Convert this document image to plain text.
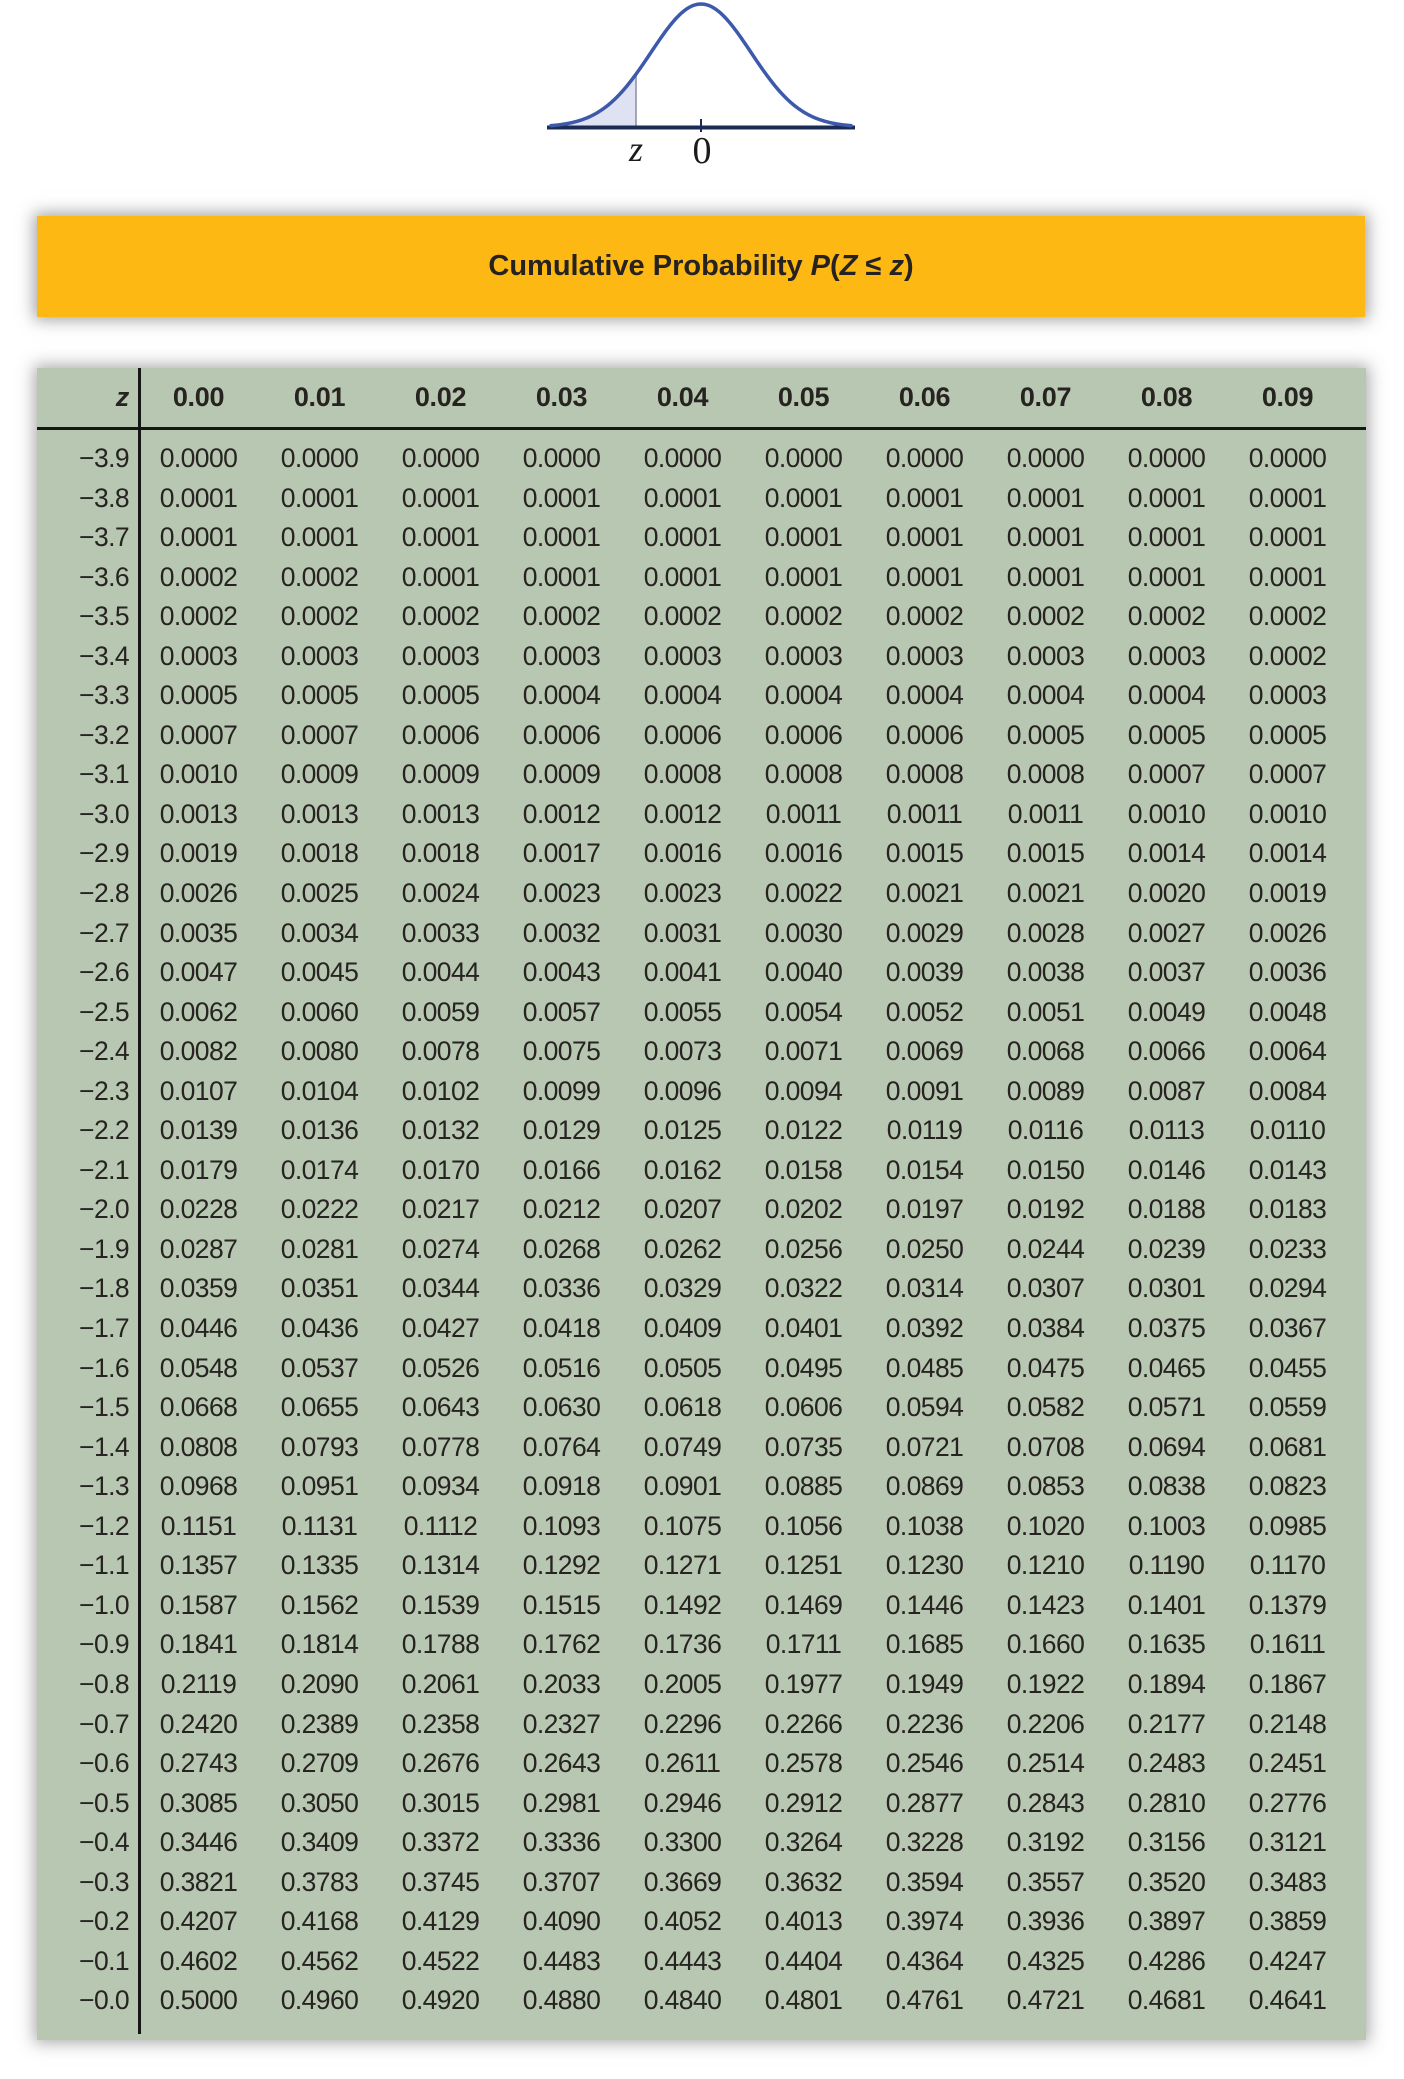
z 0
Cumulative Probability P ( Z ≤ z )
z	0.00	0.01	0.02	0.03	0.04	0.05	0.06	0.07	0.08	0.09
−3.9	0.0000	0.0000	0.0000	0.0000	0.0000	0.0000	0.0000	0.0000	0.0000	0.0000
−3.8	0.0001	0.0001	0.0001	0.0001	0.0001	0.0001	0.0001	0.0001	0.0001	0.0001
−3.7	0.0001	0.0001	0.0001	0.0001	0.0001	0.0001	0.0001	0.0001	0.0001	0.0001
−3.6	0.0002	0.0002	0.0001	0.0001	0.0001	0.0001	0.0001	0.0001	0.0001	0.0001
−3.5	0.0002	0.0002	0.0002	0.0002	0.0002	0.0002	0.0002	0.0002	0.0002	0.0002
−3.4	0.0003	0.0003	0.0003	0.0003	0.0003	0.0003	0.0003	0.0003	0.0003	0.0002
−3.3	0.0005	0.0005	0.0005	0.0004	0.0004	0.0004	0.0004	0.0004	0.0004	0.0003
−3.2	0.0007	0.0007	0.0006	0.0006	0.0006	0.0006	0.0006	0.0005	0.0005	0.0005
−3.1	0.0010	0.0009	0.0009	0.0009	0.0008	0.0008	0.0008	0.0008	0.0007	0.0007
−3.0	0.0013	0.0013	0.0013	0.0012	0.0012	0.0011	0.0011	0.0011	0.0010	0.0010
−2.9	0.0019	0.0018	0.0018	0.0017	0.0016	0.0016	0.0015	0.0015	0.0014	0.0014
−2.8	0.0026	0.0025	0.0024	0.0023	0.0023	0.0022	0.0021	0.0021	0.0020	0.0019
−2.7	0.0035	0.0034	0.0033	0.0032	0.0031	0.0030	0.0029	0.0028	0.0027	0.0026
−2.6	0.0047	0.0045	0.0044	0.0043	0.0041	0.0040	0.0039	0.0038	0.0037	0.0036
−2.5	0.0062	0.0060	0.0059	0.0057	0.0055	0.0054	0.0052	0.0051	0.0049	0.0048
−2.4	0.0082	0.0080	0.0078	0.0075	0.0073	0.0071	0.0069	0.0068	0.0066	0.0064
−2.3	0.0107	0.0104	0.0102	0.0099	0.0096	0.0094	0.0091	0.0089	0.0087	0.0084
−2.2	0.0139	0.0136	0.0132	0.0129	0.0125	0.0122	0.0119	0.0116	0.0113	0.0110
−2.1	0.0179	0.0174	0.0170	0.0166	0.0162	0.0158	0.0154	0.0150	0.0146	0.0143
−2.0	0.0228	0.0222	0.0217	0.0212	0.0207	0.0202	0.0197	0.0192	0.0188	0.0183
−1.9	0.0287	0.0281	0.0274	0.0268	0.0262	0.0256	0.0250	0.0244	0.0239	0.0233
−1.8	0.0359	0.0351	0.0344	0.0336	0.0329	0.0322	0.0314	0.0307	0.0301	0.0294
−1.7	0.0446	0.0436	0.0427	0.0418	0.0409	0.0401	0.0392	0.0384	0.0375	0.0367
−1.6	0.0548	0.0537	0.0526	0.0516	0.0505	0.0495	0.0485	0.0475	0.0465	0.0455
−1.5	0.0668	0.0655	0.0643	0.0630	0.0618	0.0606	0.0594	0.0582	0.0571	0.0559
−1.4	0.0808	0.0793	0.0778	0.0764	0.0749	0.0735	0.0721	0.0708	0.0694	0.0681
−1.3	0.0968	0.0951	0.0934	0.0918	0.0901	0.0885	0.0869	0.0853	0.0838	0.0823
−1.2	0.1151	0.1131	0.1112	0.1093	0.1075	0.1056	0.1038	0.1020	0.1003	0.0985
−1.1	0.1357	0.1335	0.1314	0.1292	0.1271	0.1251	0.1230	0.1210	0.1190	0.1170
−1.0	0.1587	0.1562	0.1539	0.1515	0.1492	0.1469	0.1446	0.1423	0.1401	0.1379
−0.9	0.1841	0.1814	0.1788	0.1762	0.1736	0.1711	0.1685	0.1660	0.1635	0.1611
−0.8	0.2119	0.2090	0.2061	0.2033	0.2005	0.1977	0.1949	0.1922	0.1894	0.1867
−0.7	0.2420	0.2389	0.2358	0.2327	0.2296	0.2266	0.2236	0.2206	0.2177	0.2148
−0.6	0.2743	0.2709	0.2676	0.2643	0.2611	0.2578	0.2546	0.2514	0.2483	0.2451
−0.5	0.3085	0.3050	0.3015	0.2981	0.2946	0.2912	0.2877	0.2843	0.2810	0.2776
−0.4	0.3446	0.3409	0.3372	0.3336	0.3300	0.3264	0.3228	0.3192	0.3156	0.3121
−0.3	0.3821	0.3783	0.3745	0.3707	0.3669	0.3632	0.3594	0.3557	0.3520	0.3483
−0.2	0.4207	0.4168	0.4129	0.4090	0.4052	0.4013	0.3974	0.3936	0.3897	0.3859
−0.1	0.4602	0.4562	0.4522	0.4483	0.4443	0.4404	0.4364	0.4325	0.4286	0.4247
−0.0	0.5000	0.4960	0.4920	0.4880	0.4840	0.4801	0.4761	0.4721	0.4681	0.4641
